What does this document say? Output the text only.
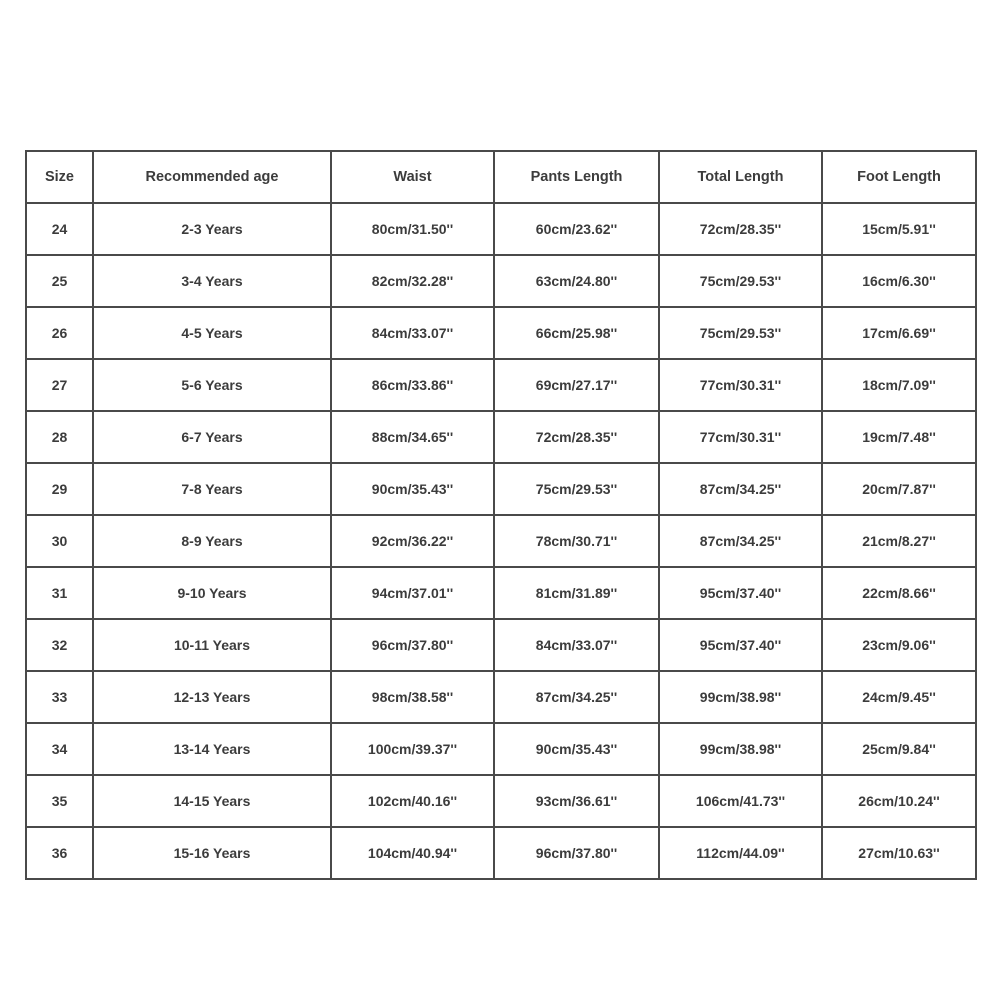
Size	Recommended age	Waist	Pants Length	Total Length	Foot Length
24	2-3 Years	80cm/31.50''	60cm/23.62''	72cm/28.35''	15cm/5.91''
25	3-4 Years	82cm/32.28''	63cm/24.80''	75cm/29.53''	16cm/6.30''
26	4-5 Years	84cm/33.07''	66cm/25.98''	75cm/29.53''	17cm/6.69''
27	5-6 Years	86cm/33.86''	69cm/27.17''	77cm/30.31''	18cm/7.09''
28	6-7 Years	88cm/34.65''	72cm/28.35''	77cm/30.31''	19cm/7.48''
29	7-8 Years	90cm/35.43''	75cm/29.53''	87cm/34.25''	20cm/7.87''
30	8-9 Years	92cm/36.22''	78cm/30.71''	87cm/34.25''	21cm/8.27''
31	9-10 Years	94cm/37.01''	81cm/31.89''	95cm/37.40''	22cm/8.66''
32	10-11 Years	96cm/37.80''	84cm/33.07''	95cm/37.40''	23cm/9.06''
33	12-13 Years	98cm/38.58''	87cm/34.25''	99cm/38.98''	24cm/9.45''
34	13-14 Years	100cm/39.37''	90cm/35.43''	99cm/38.98''	25cm/9.84''
35	14-15 Years	102cm/40.16''	93cm/36.61''	106cm/41.73''	26cm/10.24''
36	15-16 Years	104cm/40.94''	96cm/37.80''	112cm/44.09''	27cm/10.63''
